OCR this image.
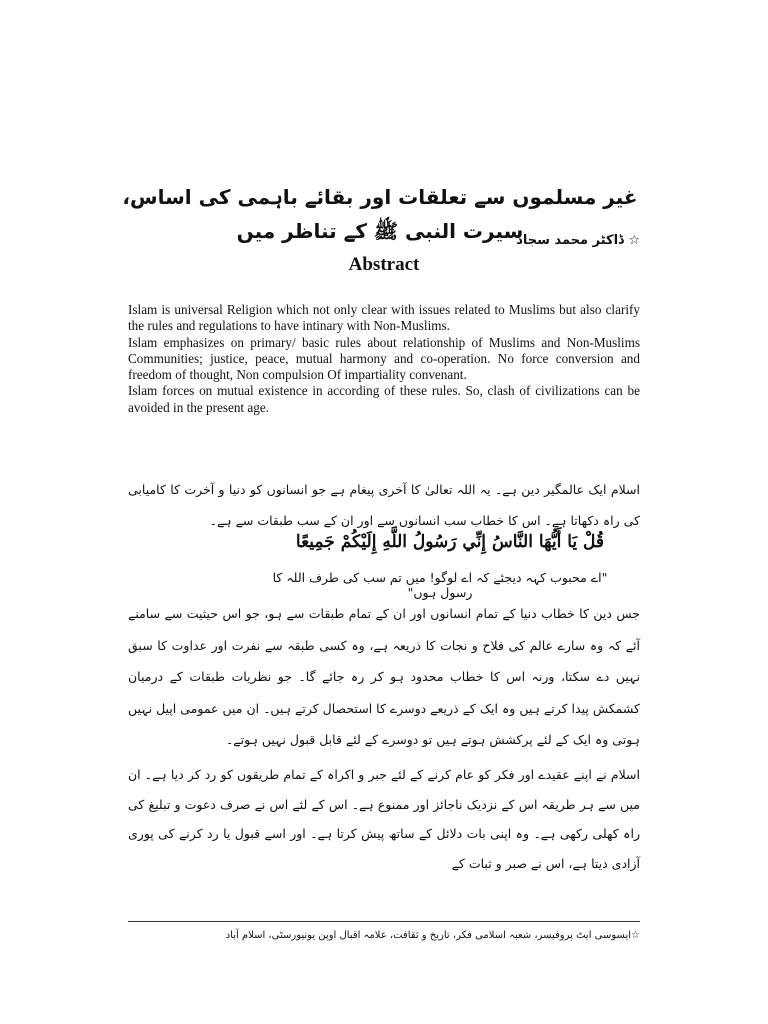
غیر مسلموں سے تعلقات اور بقائے باہمی کی اساس، سیرت النبی ﷺ کے تناظر میں
☆ ڈاکٹر محمد سجاد
Abstract

Islam is universal Religion which not only clear with issues related to Muslims but also clarify the rules and regulations to have intinary with Non-Muslims.

Islam emphasizes on primary/ basic rules about relationship of Muslims and Non-Muslims Communities; justice, peace, mutual harmony and co-operation. No force conversion and freedom of thought, Non compulsion Of impartiality convenant.

Islam forces on mutual existence in according of these rules. So, clash of civilizations can be avoided in the present age.

اسلام ایک عالمگیر دین ہے۔ یہ اللہ تعالیٰ کا آخری پیغام ہے جو انسانوں کو دنیا و آخرت کا کامیابی کی راہ دکھاتا ہے۔ اس کا خطاب سب انسانوں سے اور ان کے سب طبقات سے ہے۔

قُلْ يَا أَيُّهَا النَّاسُ إِنِّي رَسُولُ اللَّهِ إِلَيْكُمْ جَمِيعًا
"اے محبوب کہہ دیجئے کہ اے لوگو! میں تم سب کی طرف اللہ کا رسول ہوں"

جس دین کا خطاب دنیا کے تمام انسانوں اور ان کے تمام طبقات سے ہو، جو اس حیثیت سے سامنے آئے کہ وہ سارے عالم کی فلاح و نجات کا ذریعہ ہے، وہ کسی طبقہ سے نفرت اور عداوت کا سبق نہیں دے سکتا، ورنہ اس کا خطاب محدود ہو کر رہ جائے گا۔ جو نظریات طبقات کے درمیان کشمکش پیدا کرتے ہیں وہ ایک کے ذریعے دوسرے کا استحصال کرتے ہیں۔ ان میں عمومی اپیل نہیں ہوتی وہ ایک کے لئے پرکشش ہوتے ہیں تو دوسرے کے لئے قابل قبول نہیں ہوتے۔

اسلام نے اپنے عقیدے اور فکر کو عام کرنے کے لئے جبر و اکراہ کے تمام طریقوں کو رد کر دیا ہے۔ ان میں سے ہر طریقہ اس کے نزدیک ناجائز اور ممنوع ہے۔ اس کے لئے اس نے صرف دعوت و تبلیغ کی راہ کھلی رکھی ہے۔ وہ اپنی بات دلائل کے ساتھ پیش کرتا ہے۔ اور اسے قبول یا رد کرنے کی پوری آزادی دیتا ہے، اس نے صبر و ثبات کے

☆ایسوسی ایٹ پروفیسر، شعبہ اسلامی فکر، تاریخ و ثقافت، علامہ اقبال اوپن یونیورسٹی، اسلام آباد
